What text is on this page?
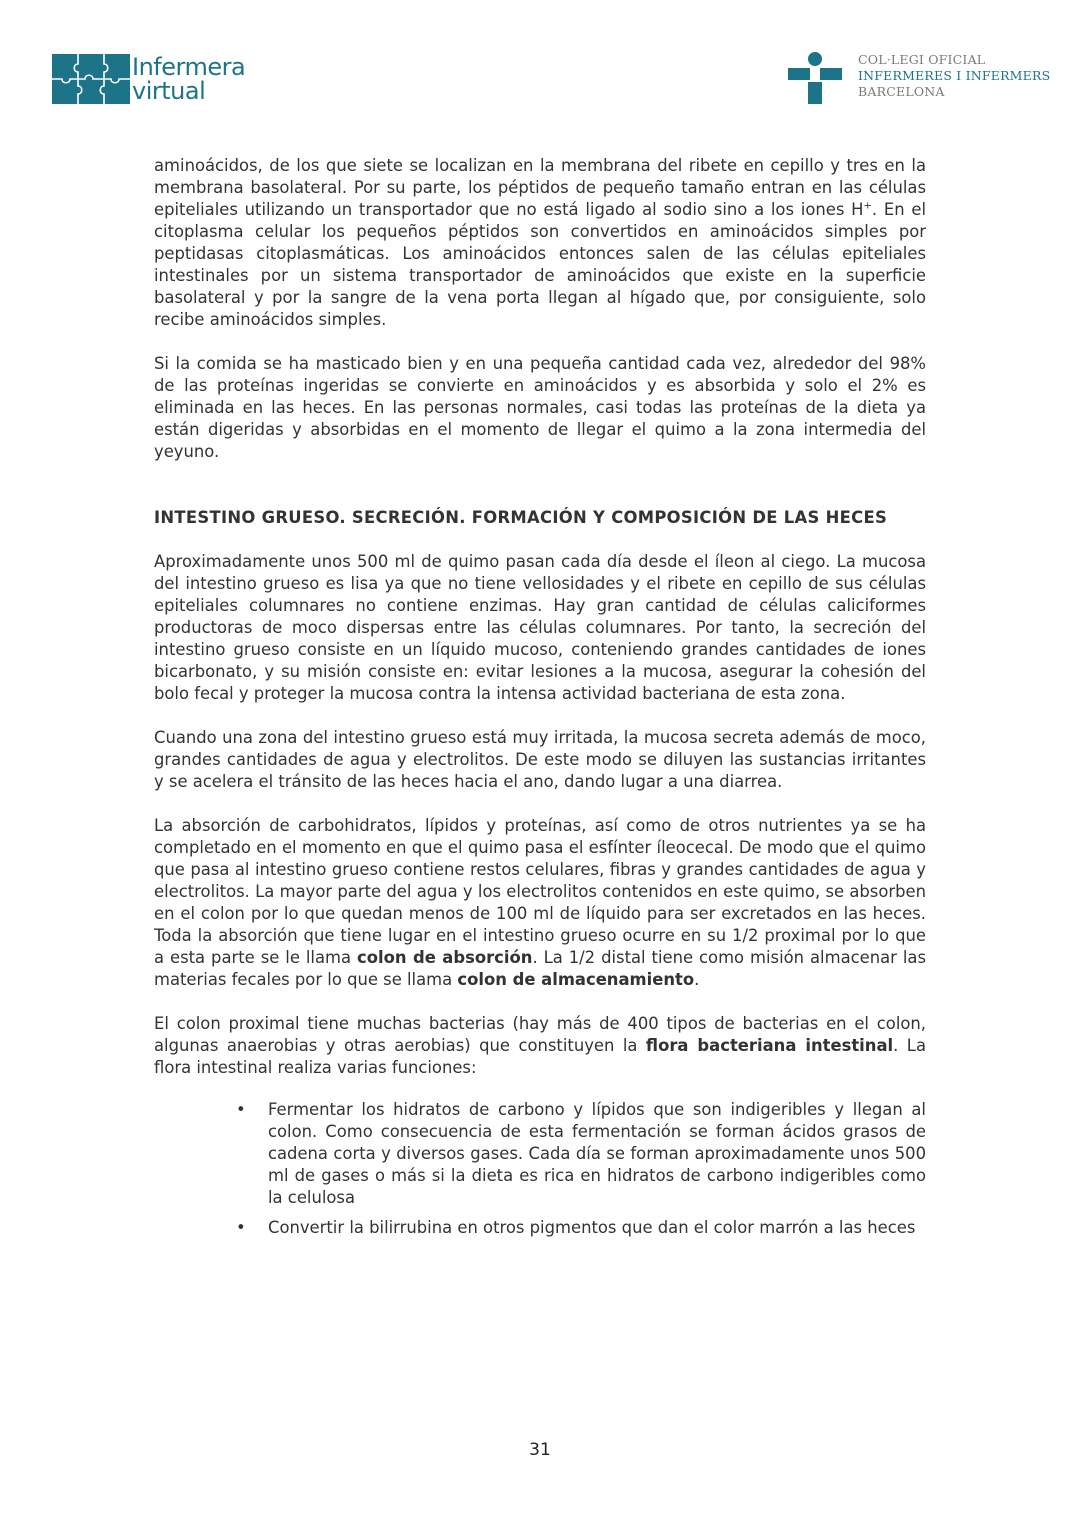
Infermera
virtual
COL·LEGI OFICIAL
INFERMERES I INFERMERS
BARCELONA

aminoácidos, de los que siete se localizan en la membrana del ribete en cepillo y tres en la membrana basolateral. Por su parte, los péptidos de pequeño tamaño entran en las células epiteliales utilizando un transportador que no está ligado al sodio sino a los iones H+. En el citoplasma celular los pequeños péptidos son convertidos en aminoácidos simples por peptidasas citoplasmáticas. Los aminoácidos entonces salen de las células epiteliales intestinales por un sistema transportador de aminoácidos que existe en la superficie basolateral y por la sangre de la vena porta llegan al hígado que, por consiguiente, solo recibe aminoácidos simples.

Si la comida se ha masticado bien y en una pequeña cantidad cada vez, alrededor del 98% de las proteínas ingeridas se convierte en aminoácidos y es absorbida y solo el 2% es eliminada en las heces. En las personas normales, casi todas las proteínas de la dieta ya están digeridas y absorbidas en el momento de llegar el quimo a la zona intermedia del yeyuno.

INTESTINO GRUESO. SECRECIÓN. FORMACIÓN Y COMPOSICIÓN DE LAS HECES

Aproximadamente unos 500 ml de quimo pasan cada día desde el íleon al ciego. La mucosa del intestino grueso es lisa ya que no tiene vellosidades y el ribete en cepillo de sus células epiteliales columnares no contiene enzimas. Hay gran cantidad de células caliciformes productoras de moco dispersas entre las células columnares. Por tanto, la secreción del intestino grueso consiste en un líquido mucoso, conteniendo grandes cantidades de iones bicarbonato, y su misión consiste en: evitar lesiones a la mucosa, asegurar la cohesión del bolo fecal y proteger la mucosa contra la intensa actividad bacteriana de esta zona.

Cuando una zona del intestino grueso está muy irritada, la mucosa secreta además de moco, grandes cantidades de agua y electrolitos. De este modo se diluyen las sustancias irritantes y se acelera el tránsito de las heces hacia el ano, dando lugar a una diarrea.

La absorción de carbohidratos, lípidos y proteínas, así como de otros nutrientes ya se ha completado en el momento en que el quimo pasa el esfínter íleocecal. De modo que el quimo que pasa al intestino grueso contiene restos celulares, fibras y grandes cantidades de agua y electrolitos. La mayor parte del agua y los electrolitos contenidos en este quimo, se absorben en el colon por lo que quedan menos de 100 ml de líquido para ser excretados en las heces. Toda la absorción que tiene lugar en el intestino grueso ocurre en su 1/2 proximal por lo que a esta parte se le llama colon de absorción. La 1/2 distal tiene como misión almacenar las materias fecales por lo que se llama colon de almacenamiento.

El colon proximal tiene muchas bacterias (hay más de 400 tipos de bacterias en el colon, algunas anaerobias y otras aerobias) que constituyen la flora bacteriana intestinal. La flora intestinal realiza varias funciones:

• Fermentar los hidratos de carbono y lípidos que son indigeribles y llegan al colon. Como consecuencia de esta fermentación se forman ácidos grasos de cadena corta y diversos gases. Cada día se forman aproximadamente unos 500 ml de gases o más si la dieta es rica en hidratos de carbono indigeribles como la celulosa
• Convertir la bilirrubina en otros pigmentos que dan el color marrón a las heces
31
